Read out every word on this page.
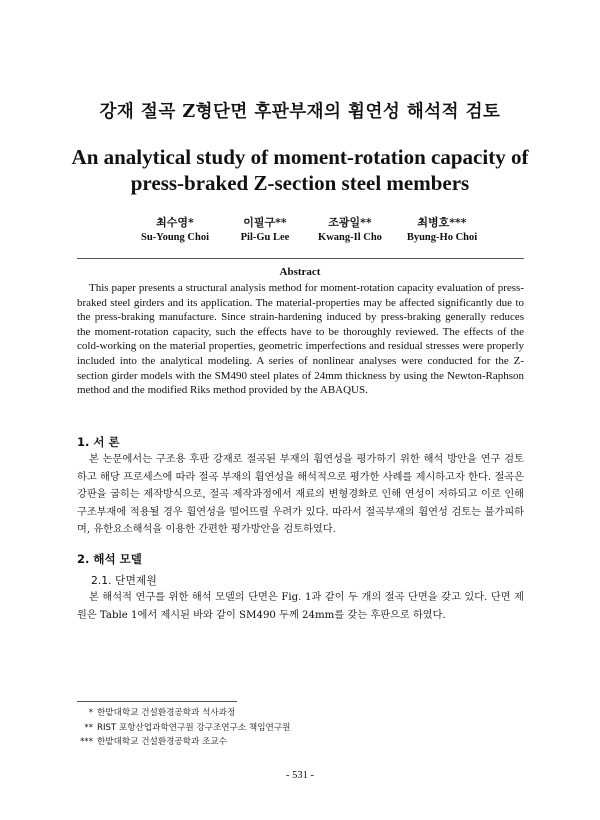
강재 절곡 Z형단면 후판부재의 휨연성 해석적 검토
An analytical study of moment-rotation capacity of
press-braked Z-section steel members
최수영*
Su-Young Choi
이필구**
Pil-Gu Lee
조광일**
Kwang-Il Cho
최병호***
Byung-Ho Choi
Abstract
This paper presents a structural analysis method for moment-rotation capacity evaluation of press-braked steel girders and its application. The material-properties may be affected significantly due to the press-braking manufacture. Since strain-hardening induced by press-braking generally reduces the moment-rotation capacity, such the effects have to be thoroughly reviewed. The effects of the cold-working on the material properties, geometric imperfections and residual stresses were properly included into the analytical modeling. A series of nonlinear analyses were conducted for the Z-section girder models with the SM490 steel plates of 24mm thickness by using the Newton-Raphson method and the modified Riks method provided by the ABAQUS.
1. 서 론
본 논문에서는 구조용 후판 강재로 절곡된 부재의 휨연성을 평가하기 위한 해석 방안을 연구 검토하고 해당 프로세스에 따라 절곡 부재의 휨연성을 해석적으로 평가한 사례를 제시하고자 한다. 절곡은 강판을 굽히는 제작방식으로, 절곡 제작과정에서 재료의 변형경화로 인해 연성이 저하되고 이로 인해 구조부재에 적용될 경우 휨연성을 떨어뜨릴 우려가 있다. 따라서 절곡부재의 휨연성 검토는 불가피하며, 유한요소해석을 이용한 간편한 평가방안을 검토하였다.
2. 해석 모델
2.1. 단면제원
본 해석적 연구를 위한 해석 모델의 단면은 Fig. 1과 같이 두 개의 절곡 단면을 갖고 있다. 단면 제원은 Table 1에서 제시된 바와 같이 SM490 두께 24mm를 갖는 후판으로 하였다.
* 한밭대학교 건설환경공학과 석사과정
** RIST 포항산업과학연구원 강구조연구소 책임연구원
*** 한밭대학교 건설환경공학과 조교수
- 531 -
